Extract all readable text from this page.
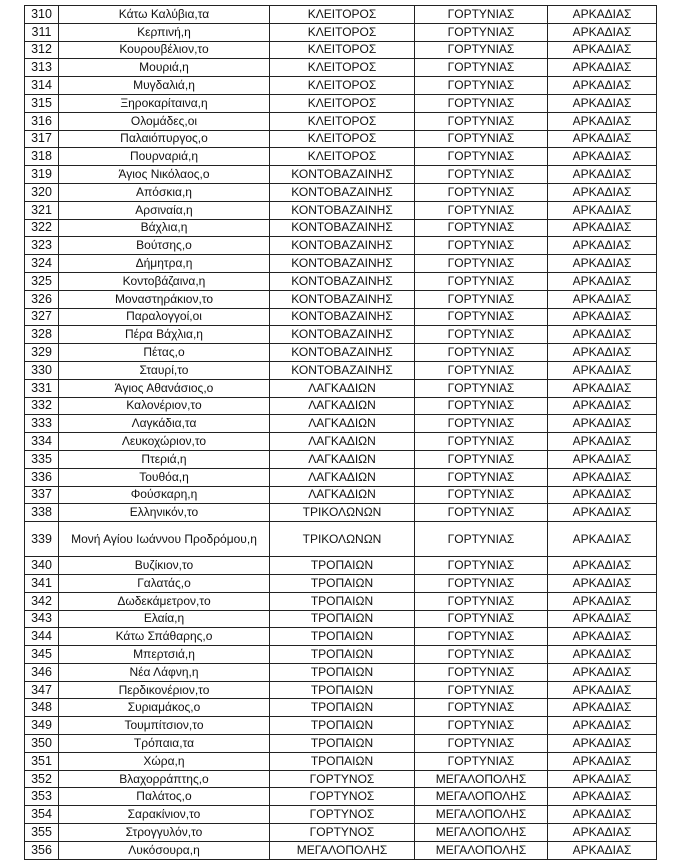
310	Κάτω Καλύβια,τα	ΚΛΕΙΤΟΡΟΣ	ΓΟΡΤΥΝΙΑΣ	ΑΡΚΑΔΙΑΣ
311	Κερπινή,η	ΚΛΕΙΤΟΡΟΣ	ΓΟΡΤΥΝΙΑΣ	ΑΡΚΑΔΙΑΣ
312	Κουρουβέλιον,το	ΚΛΕΙΤΟΡΟΣ	ΓΟΡΤΥΝΙΑΣ	ΑΡΚΑΔΙΑΣ
313	Μουριά,η	ΚΛΕΙΤΟΡΟΣ	ΓΟΡΤΥΝΙΑΣ	ΑΡΚΑΔΙΑΣ
314	Μυγδαλιά,η	ΚΛΕΙΤΟΡΟΣ	ΓΟΡΤΥΝΙΑΣ	ΑΡΚΑΔΙΑΣ
315	Ξηροκαρίταινα,η	ΚΛΕΙΤΟΡΟΣ	ΓΟΡΤΥΝΙΑΣ	ΑΡΚΑΔΙΑΣ
316	Ολομάδες,οι	ΚΛΕΙΤΟΡΟΣ	ΓΟΡΤΥΝΙΑΣ	ΑΡΚΑΔΙΑΣ
317	Παλαιόπυργος,ο	ΚΛΕΙΤΟΡΟΣ	ΓΟΡΤΥΝΙΑΣ	ΑΡΚΑΔΙΑΣ
318	Πουρναριά,η	ΚΛΕΙΤΟΡΟΣ	ΓΟΡΤΥΝΙΑΣ	ΑΡΚΑΔΙΑΣ
319	Άγιος Νικόλαος,ο	ΚΟΝΤΟΒΑΖΑΙΝΗΣ	ΓΟΡΤΥΝΙΑΣ	ΑΡΚΑΔΙΑΣ
320	Απόσκια,η	ΚΟΝΤΟΒΑΖΑΙΝΗΣ	ΓΟΡΤΥΝΙΑΣ	ΑΡΚΑΔΙΑΣ
321	Αρσιναία,η	ΚΟΝΤΟΒΑΖΑΙΝΗΣ	ΓΟΡΤΥΝΙΑΣ	ΑΡΚΑΔΙΑΣ
322	Βάχλια,η	ΚΟΝΤΟΒΑΖΑΙΝΗΣ	ΓΟΡΤΥΝΙΑΣ	ΑΡΚΑΔΙΑΣ
323	Βούτσης,ο	ΚΟΝΤΟΒΑΖΑΙΝΗΣ	ΓΟΡΤΥΝΙΑΣ	ΑΡΚΑΔΙΑΣ
324	Δήμητρα,η	ΚΟΝΤΟΒΑΖΑΙΝΗΣ	ΓΟΡΤΥΝΙΑΣ	ΑΡΚΑΔΙΑΣ
325	Κοντοβάζαινα,η	ΚΟΝΤΟΒΑΖΑΙΝΗΣ	ΓΟΡΤΥΝΙΑΣ	ΑΡΚΑΔΙΑΣ
326	Μοναστηράκιον,το	ΚΟΝΤΟΒΑΖΑΙΝΗΣ	ΓΟΡΤΥΝΙΑΣ	ΑΡΚΑΔΙΑΣ
327	Παραλογγοί,οι	ΚΟΝΤΟΒΑΖΑΙΝΗΣ	ΓΟΡΤΥΝΙΑΣ	ΑΡΚΑΔΙΑΣ
328	Πέρα Βάχλια,η	ΚΟΝΤΟΒΑΖΑΙΝΗΣ	ΓΟΡΤΥΝΙΑΣ	ΑΡΚΑΔΙΑΣ
329	Πέτας,ο	ΚΟΝΤΟΒΑΖΑΙΝΗΣ	ΓΟΡΤΥΝΙΑΣ	ΑΡΚΑΔΙΑΣ
330	Σταυρί,το	ΚΟΝΤΟΒΑΖΑΙΝΗΣ	ΓΟΡΤΥΝΙΑΣ	ΑΡΚΑΔΙΑΣ
331	Άγιος Αθανάσιος,ο	ΛΑΓΚΑΔΙΩΝ	ΓΟΡΤΥΝΙΑΣ	ΑΡΚΑΔΙΑΣ
332	Καλονέριον,το	ΛΑΓΚΑΔΙΩΝ	ΓΟΡΤΥΝΙΑΣ	ΑΡΚΑΔΙΑΣ
333	Λαγκάδια,τα	ΛΑΓΚΑΔΙΩΝ	ΓΟΡΤΥΝΙΑΣ	ΑΡΚΑΔΙΑΣ
334	Λευκοχώριον,το	ΛΑΓΚΑΔΙΩΝ	ΓΟΡΤΥΝΙΑΣ	ΑΡΚΑΔΙΑΣ
335	Πτεριά,η	ΛΑΓΚΑΔΙΩΝ	ΓΟΡΤΥΝΙΑΣ	ΑΡΚΑΔΙΑΣ
336	Τουθόα,η	ΛΑΓΚΑΔΙΩΝ	ΓΟΡΤΥΝΙΑΣ	ΑΡΚΑΔΙΑΣ
337	Φούσκαρη,η	ΛΑΓΚΑΔΙΩΝ	ΓΟΡΤΥΝΙΑΣ	ΑΡΚΑΔΙΑΣ
338	Ελληνικόν,το	ΤΡΙΚΟΛΩΝΩΝ	ΓΟΡΤΥΝΙΑΣ	ΑΡΚΑΔΙΑΣ
339	Μονή Αγίου Ιωάννου Προδρόμου,η	ΤΡΙΚΟΛΩΝΩΝ	ΓΟΡΤΥΝΙΑΣ	ΑΡΚΑΔΙΑΣ
340	Βυζίκιον,το	ΤΡΟΠΑΙΩΝ	ΓΟΡΤΥΝΙΑΣ	ΑΡΚΑΔΙΑΣ
341	Γαλατάς,ο	ΤΡΟΠΑΙΩΝ	ΓΟΡΤΥΝΙΑΣ	ΑΡΚΑΔΙΑΣ
342	Δωδεκάμετρον,το	ΤΡΟΠΑΙΩΝ	ΓΟΡΤΥΝΙΑΣ	ΑΡΚΑΔΙΑΣ
343	Ελαία,η	ΤΡΟΠΑΙΩΝ	ΓΟΡΤΥΝΙΑΣ	ΑΡΚΑΔΙΑΣ
344	Κάτω Σπάθαρης,ο	ΤΡΟΠΑΙΩΝ	ΓΟΡΤΥΝΙΑΣ	ΑΡΚΑΔΙΑΣ
345	Μπερτσιά,η	ΤΡΟΠΑΙΩΝ	ΓΟΡΤΥΝΙΑΣ	ΑΡΚΑΔΙΑΣ
346	Νέα Λάφνη,η	ΤΡΟΠΑΙΩΝ	ΓΟΡΤΥΝΙΑΣ	ΑΡΚΑΔΙΑΣ
347	Περδικονέριον,το	ΤΡΟΠΑΙΩΝ	ΓΟΡΤΥΝΙΑΣ	ΑΡΚΑΔΙΑΣ
348	Συριαμάκος,ο	ΤΡΟΠΑΙΩΝ	ΓΟΡΤΥΝΙΑΣ	ΑΡΚΑΔΙΑΣ
349	Τουμπίτσιον,το	ΤΡΟΠΑΙΩΝ	ΓΟΡΤΥΝΙΑΣ	ΑΡΚΑΔΙΑΣ
350	Τρόπαια,τα	ΤΡΟΠΑΙΩΝ	ΓΟΡΤΥΝΙΑΣ	ΑΡΚΑΔΙΑΣ
351	Χώρα,η	ΤΡΟΠΑΙΩΝ	ΓΟΡΤΥΝΙΑΣ	ΑΡΚΑΔΙΑΣ
352	Βλαχορράπτης,ο	ΓΟΡΤΥΝΟΣ	ΜΕΓΑΛΟΠΟΛΗΣ	ΑΡΚΑΔΙΑΣ
353	Παλάτος,ο	ΓΟΡΤΥΝΟΣ	ΜΕΓΑΛΟΠΟΛΗΣ	ΑΡΚΑΔΙΑΣ
354	Σαρακίνιον,το	ΓΟΡΤΥΝΟΣ	ΜΕΓΑΛΟΠΟΛΗΣ	ΑΡΚΑΔΙΑΣ
355	Στρογγυλόν,το	ΓΟΡΤΥΝΟΣ	ΜΕΓΑΛΟΠΟΛΗΣ	ΑΡΚΑΔΙΑΣ
356	Λυκόσουρα,η	ΜΕΓΑΛΟΠΟΛΗΣ	ΜΕΓΑΛΟΠΟΛΗΣ	ΑΡΚΑΔΙΑΣ
